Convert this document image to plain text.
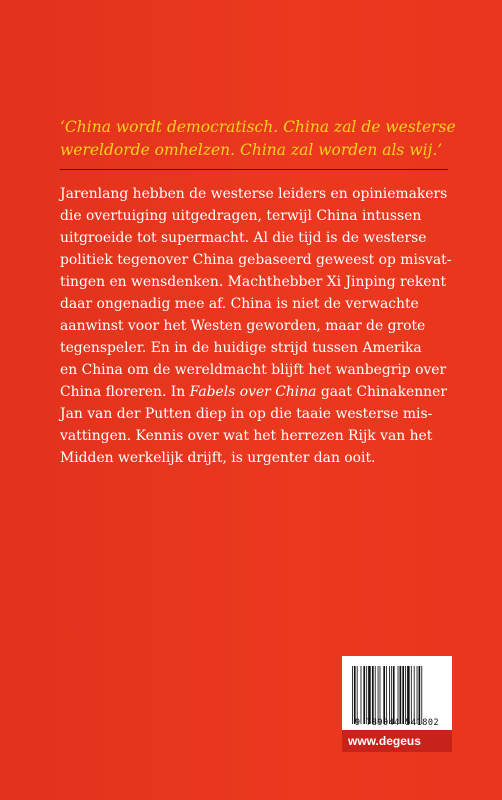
‘China wordt democratisch. China zal de westerse
wereldorde omhelzen. China zal worden als wij.’
Jarenlang hebben de westerse leiders en opiniemakers
die overtuiging uitgedragen, terwijl China intussen
uitgroeide tot supermacht. Al die tijd is de westerse
politiek tegenover China gebaseerd geweest op misvat-
tingen en wensdenken. Machthebber Xi Jinping rekent
daar ongenadig mee af. China is niet de verwachte
aanwinst voor het Westen geworden, maar de grote
tegenspeler. En in de huidige strijd tussen Amerika
en China om de wereldmacht blijft het wanbegrip over
China floreren. In Fabels over China gaat Chinakenner
Jan van der Putten diep in op die taaie westerse mis-
vattingen. Kennis over wat het herrezen Rijk van het
Midden werkelijk drijft, is urgenter dan ooit.
9 789044 541802
www.degeus
